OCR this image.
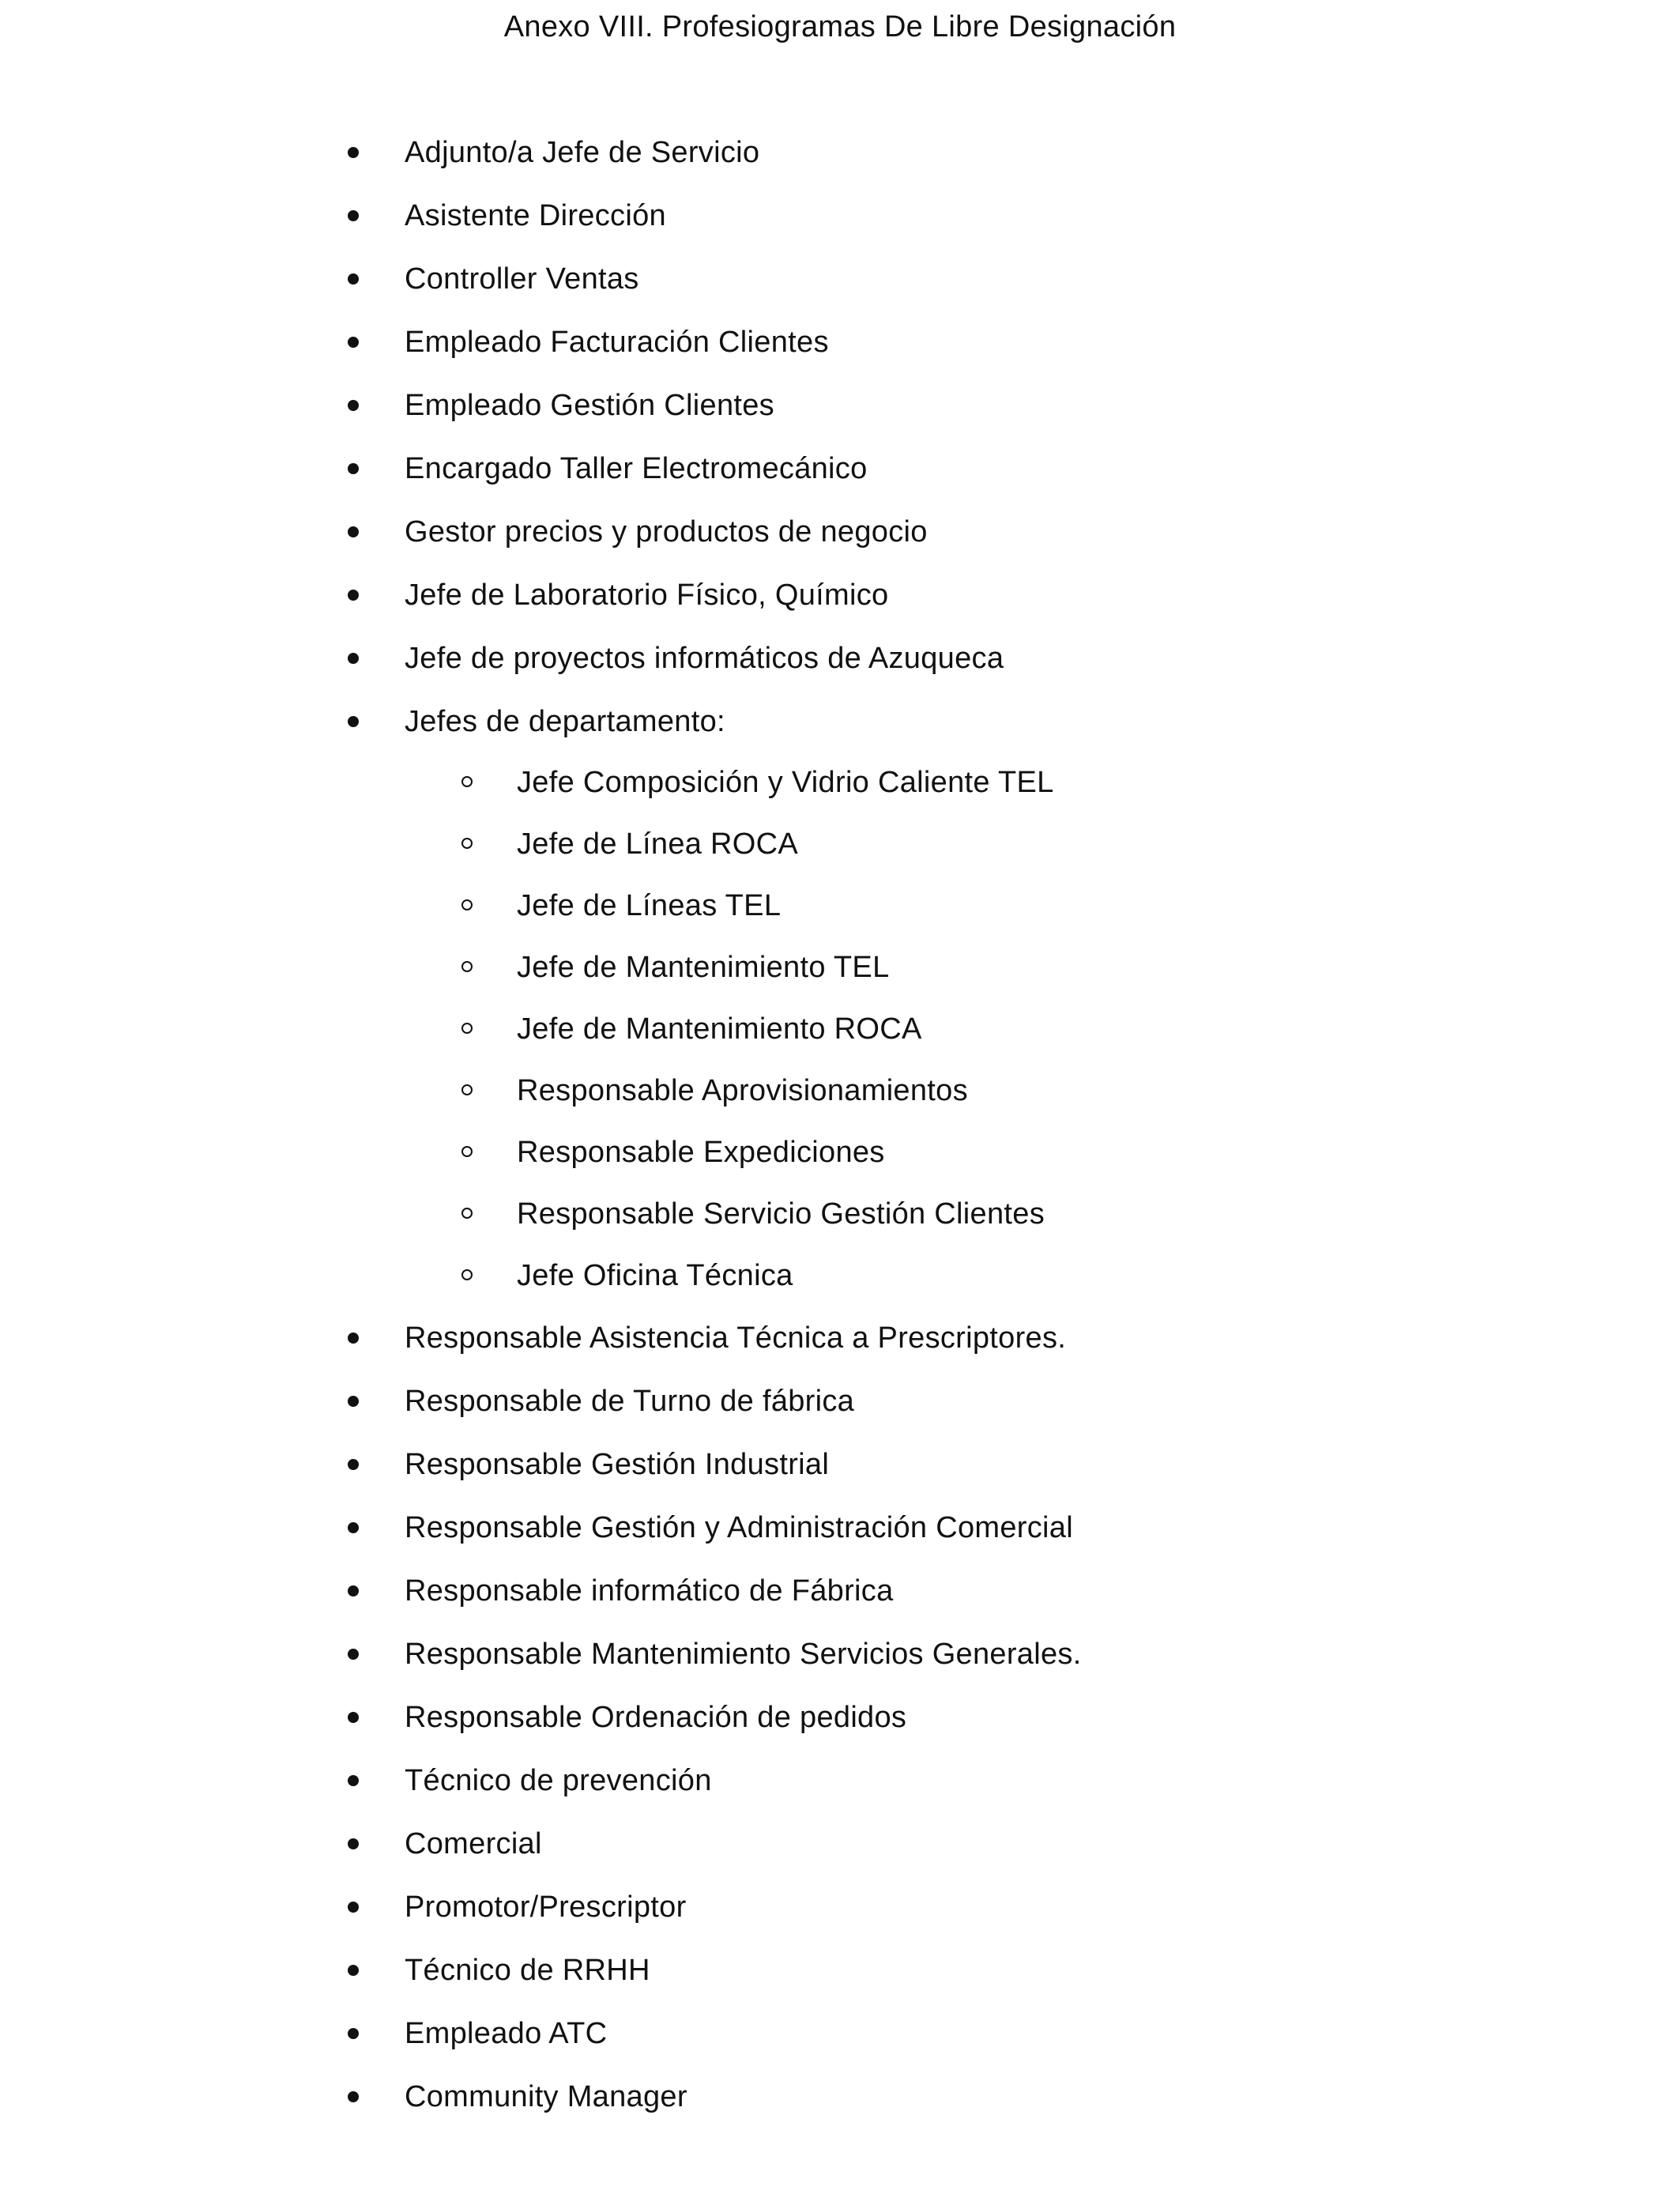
Anexo VIII. Profesiogramas De Libre Designación
Adjunto/a Jefe de Servicio
Asistente Dirección
Controller Ventas
Empleado Facturación Clientes
Empleado Gestión Clientes
Encargado Taller Electromecánico
Gestor precios y productos de negocio
Jefe de Laboratorio Físico, Químico
Jefe de proyectos informáticos de Azuqueca
Jefes de departamento:
Jefe Composición y Vidrio Caliente TEL
Jefe de Línea ROCA
Jefe de Líneas TEL
Jefe de Mantenimiento TEL
Jefe de Mantenimiento ROCA
Responsable Aprovisionamientos
Responsable Expediciones
Responsable Servicio Gestión Clientes
Jefe Oficina Técnica
Responsable Asistencia Técnica a Prescriptores.
Responsable de Turno de fábrica
Responsable Gestión Industrial
Responsable Gestión y Administración Comercial
Responsable informático de Fábrica
Responsable Mantenimiento Servicios Generales.
Responsable Ordenación de pedidos
Técnico de prevención
Comercial
Promotor/Prescriptor
Técnico de RRHH
Empleado ATC
Community Manager
